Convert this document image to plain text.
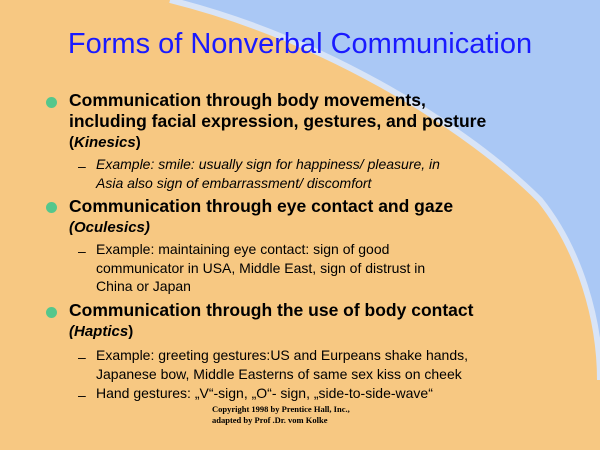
Forms of Nonverbal Communication
Communication through body movements,
including facial expression, gestures, and posture
(Kinesics)
– Example: smile: usually sign for happiness/ pleasure, in
Asia also sign of embarrassment/ discomfort
Communication through eye contact and gaze
(Oculesics)
– Example: maintaining eye contact: sign of good
communicator in USA, Middle East, sign of distrust in
China or Japan
Communication through the use of body contact
(Haptics)
– Example: greeting gestures:US and Eurpeans shake hands,
Japanese bow, Middle Easterns of same sex kiss on cheek
– Hand gestures: „V“-sign, „O“- sign, „side-to-side-wave“
Copyright 1998 by Prentice Hall, Inc.,
adapted by Prof .Dr. vom Kolke
